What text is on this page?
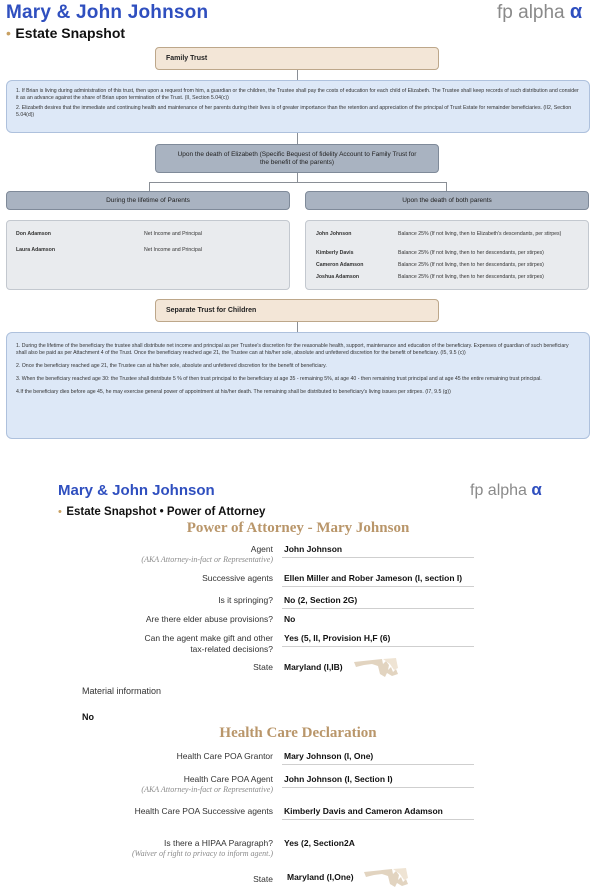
Mary & John Johnson
• Estate Snapshot
fp alpha α
Family Trust

1. If Brian is living during administration of this trust, then upon a request from him, a guardian or the children, the Trustee shall pay the costs of education for each child of Elizabeth. The Trustee shall keep records of such distribution and consider it as an advance against the share of Brian upon termination of the Trust. (II, Section 5.04(c))

2. Elizabeth desires that the immediate and continuing health and maintenance of her parents during their lives is of greater importance than the retention and appreciation of the principal of Trust Estate for remainder beneficiaries. (II2, Section 5.04(d))

Upon the death of Elizabeth (Specific Bequest of fidelity Account to Family Trust for the benefit of the parents)
During the lifetime of Parents	Upon the death of both parents
Don Adamson	Net Income and Principal
Laura Adamson	Net Income and Principal
John Johnson	Balance 25% (If not living, then to Elizabeth's descendants, per stirpes)
Kimberly Davis	Balance 25% (If not living, then to her descendants, per stirpes)
Cameron Adamson	Balance 25% (If not living, then to her descendants, per stirpes)
Joshua Adamson	Balance 25% (If not living, then to her descendants, per stirpes)
Separate Trust for Children

1. During the lifetime of the beneficiary the trustee shall distribute net income and principal as per Trustee's discretion for the reasonable health, support, maintenance and education of the beneficiary. Expenses of guardian of such beneficiary shall also be paid as per Attachment 4 of the Trust. Once the beneficiary reached age 21, the Trustee can at his/her sole, absolute and unfettered discretion for the benefit of beneficiary. (I5, 9.5 (c))

2. Once the beneficiary reached age 21, the Trustee can at his/her sole, absolute and unfettered discretion for the benefit of beneficiary.

3. When the beneficiary reached age 30: the Trustee shall distribute 5 % of then trust principal to the beneficiary at age 35 - remaining 5%, at age 40 - then remaining trust principal and at age 45 the entire remaining trust principal.

4.If the beneficiary dies before age 45, he may exercise general power of appointment at his/her death. The remaining shall be distributed to beneficiary's living issues per stirpes. (I7, 9.5 (g))

Mary & John Johnson
• Estate Snapshot • Power of Attorney
fp alpha α
Power of Attorney - Mary Johnson
Agent
(AKA Attorney-in-fact or Representative)
John Johnson
Successive agents Ellen Miller and Rober Jameson (I, section I)
Is it springing? No (2, Section 2G)
Are there elder abuse provisions? No
Can the agent make gift and other tax-related decisions?
Yes (5, II, Provision H,F (6)
State Maryland (I,IB)
Material information
No
Health Care Declaration
Health Care POA Grantor Mary Johnson (I, One)
Health Care POA Agent
(AKA Attorney-in-fact or Representative)
John Johnson (I, Section I)
Health Care POA Successive agents Kimberly Davis and Cameron Adamson
Is there a HIPAA Paragraph?
(Waiver of right to privacy to inform agent.)
Yes (2, Section2A
State Maryland (I,One)
